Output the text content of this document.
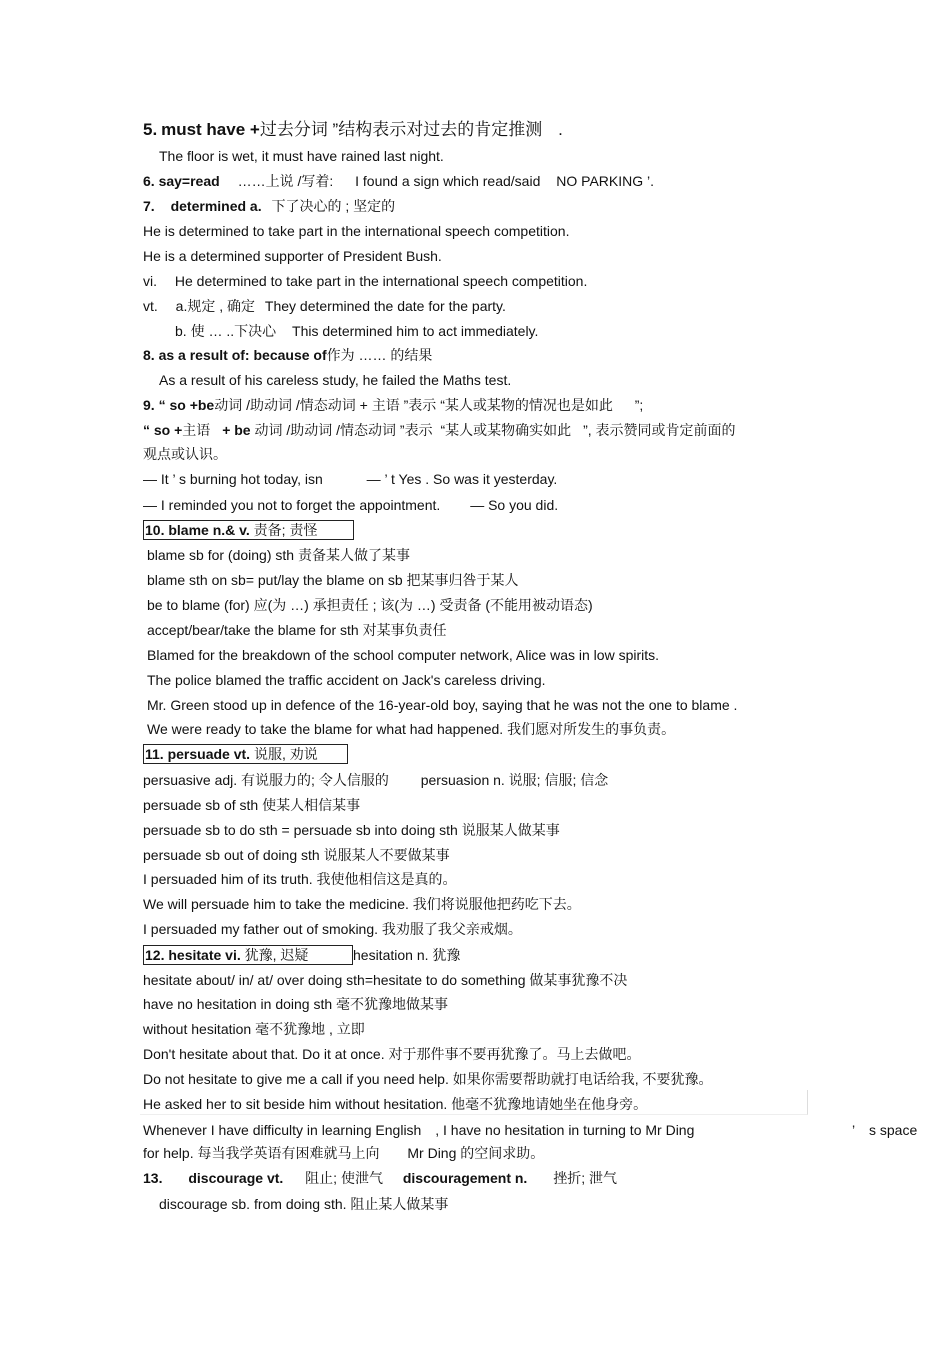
5. must have +过去分词 ”结构表示对过去的肯定推测 .
The floor is wet, it must have rained last night.
6. say=read ……上说 /写着: I found a sign which read/said NO PARKING ’.
7. determined a. 下了决心的 ; 坚定的
He is determined to take part in the international speech competition.
He is a determined supporter of President Bush.
vi. He determined to take part in the international speech competition.
vt. a.规定 , 确定 They determined the date for the party.
b. 使 … ..下决心 This determined him to act immediately.
8. as a result of: because of作为 …… 的结果
As a result of his careless study, he failed the Maths test.
9. “ so +be动词 /助动词 /情态动词 + 主语 ”表示 “某人或某物的情况也是如此 ”;
“ so +主语 + be 动词 /助动词 /情态动词 ”表示 “某人或某物确实如此 ”, 表示赞同或肯定前面的
观点或认识。
— It ’ s burning hot today, isn	— ’ t Yes . So was it yesterday.
— I reminded you not to forget the appointment. — So you did.
10. blame n.& v. 责备; 责怪
blame sb for (doing) sth 责备某人做了某事
blame sth on sb= put/lay the blame on sb 把某事归咎于某人
be to blame (for) 应(为 …) 承担责任 ; 该(为 …) 受责备 (不能用被动语态)
accept/bear/take the blame for sth 对某事负责任
Blamed for the breakdown of the school computer network, Alice was in low spirits.
The police blamed the traffic accident on Jack's careless driving.
Mr. Green stood up in defence of the 16-year-old boy, saying that he was not the one to blame .
We were ready to take the blame for what had happened. 我们愿对所发生的事负责。
11. persuade vt. 说服, 劝说
persuasive adj. 有说服力的; 令人信服的 persuasion n. 说服; 信服; 信念
persuade sb of sth 使某人相信某事
persuade sb to do sth = persuade sb into doing sth 说服某人做某事
persuade sb out of doing sth 说服某人不要做某事
I persuaded him of its truth. 我使他相信这是真的。
We will persuade him to take the medicine. 我们将说服他把药吃下去。
I persuaded my father out of smoking. 我劝服了我父亲戒烟。
12. hesitate vi. 犹豫, 迟疑	hesitation n. 犹豫
hesitate about/ in/ at/ over doing sth=hesitate to do something 做某事犹豫不决
have no hesitation in doing sth 毫不犹豫地做某事
without hesitation 毫不犹豫地 , 立即
Don't hesitate about that. Do it at once. 对于那件事不要再犹豫了。马上去做吧。
Do not hesitate to give me a call if you need help. 如果你需要帮助就打电话给我, 不要犹豫。
He asked her to sit beside him without hesitation. 他毫不犹豫地请她坐在他身旁。
Whenever I have difficulty in learning English , I have no hesitation in turning to Mr Ding	’ s space
for help. 每当我学英语有困难就马上向 Mr Ding 的空间求助。
13. discourage vt. 阻止; 使泄气 discouragement n. 挫折; 泄气
discourage sb. from doing sth. 阻止某人做某事
